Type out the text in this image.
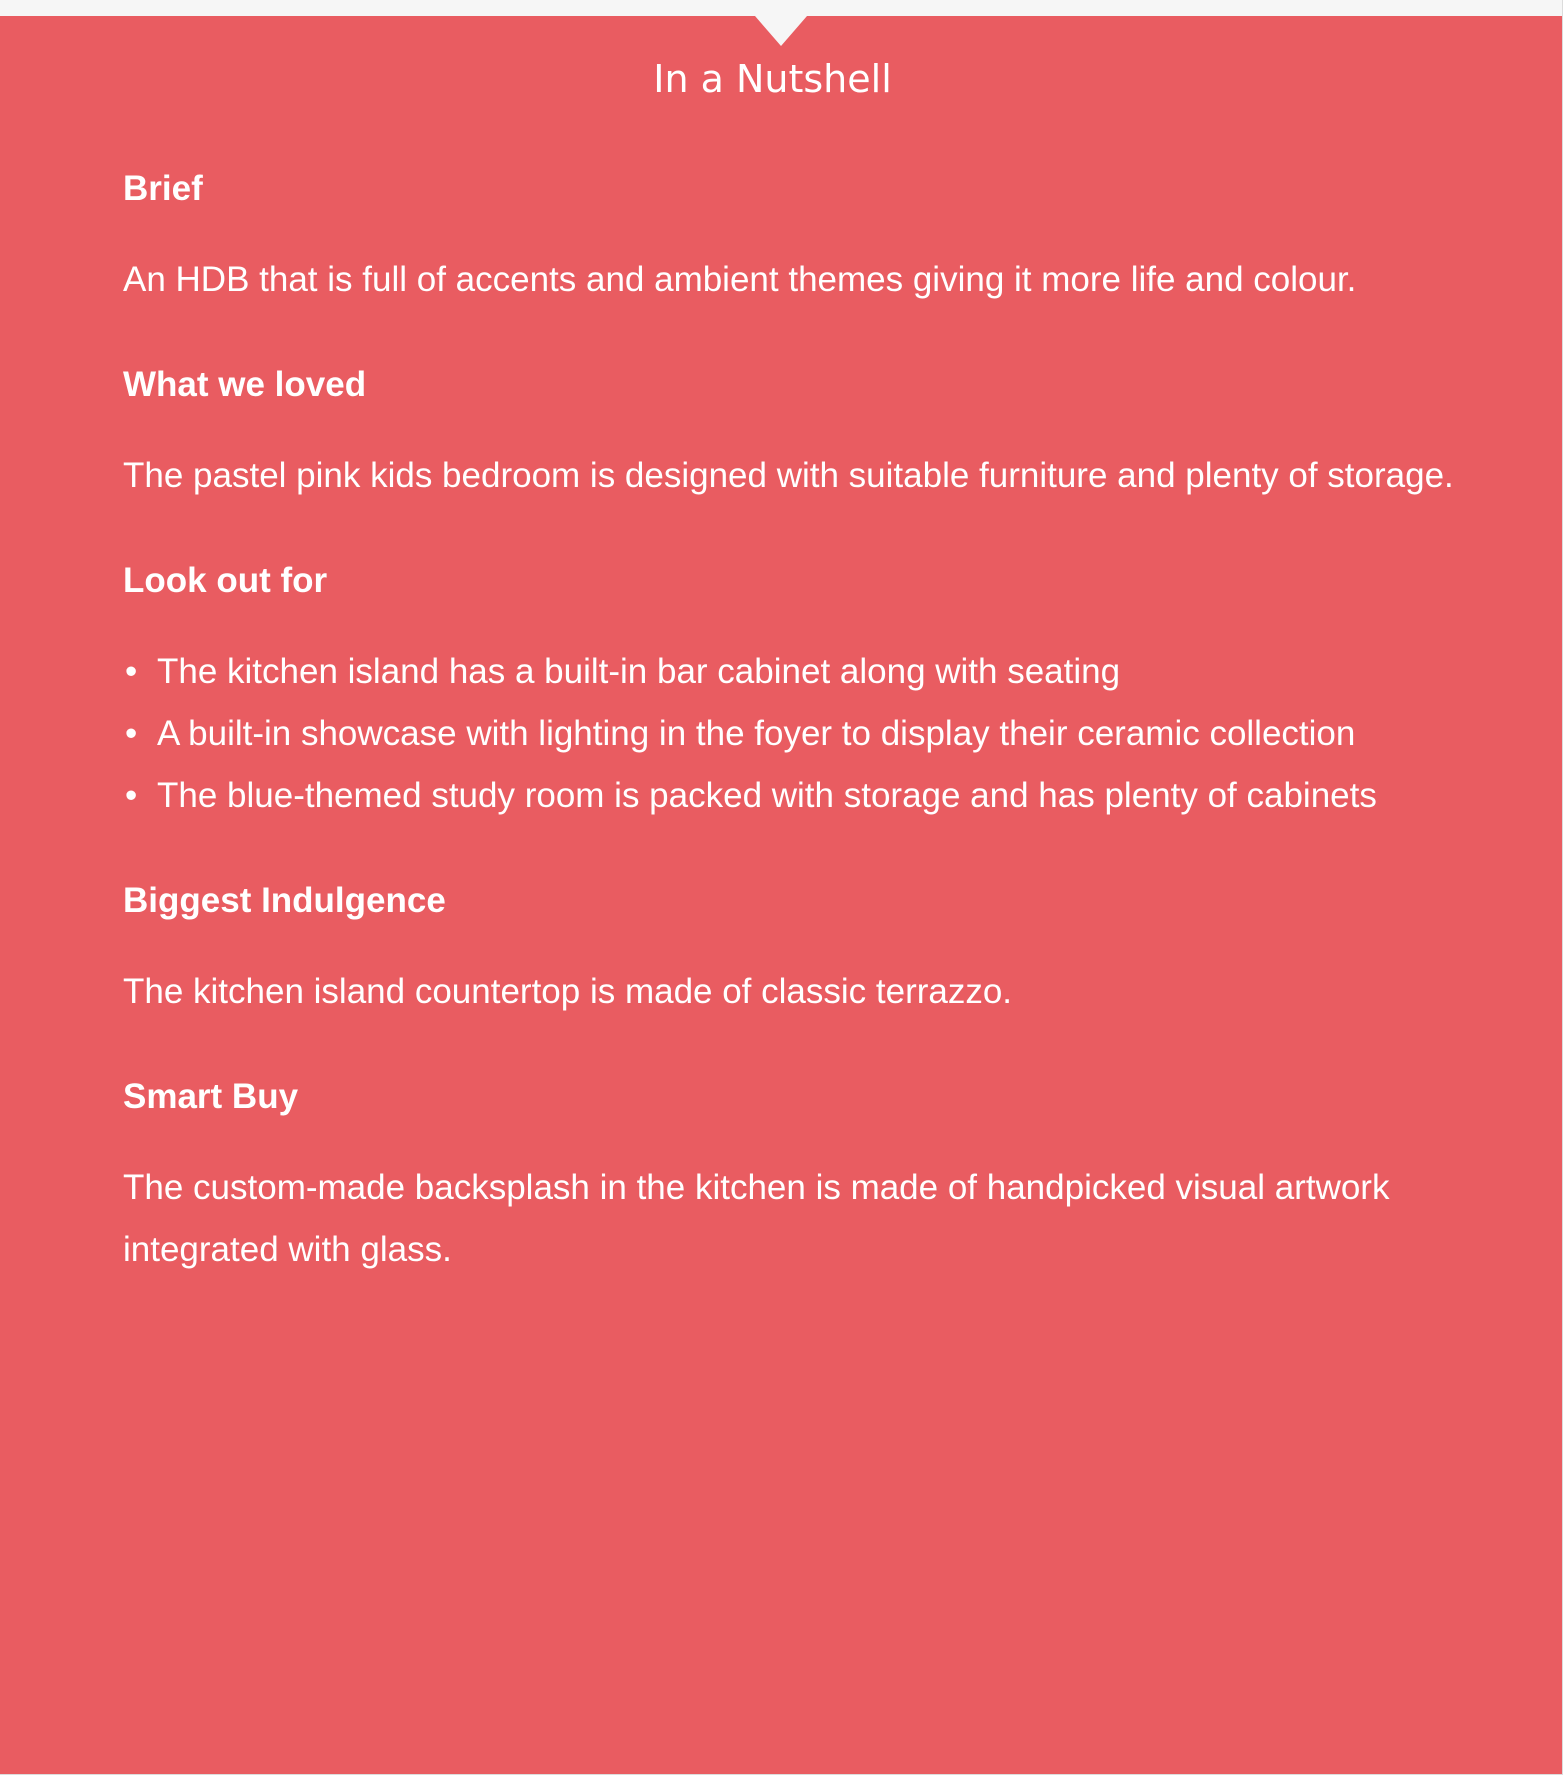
In a Nutshell
Brief

An HDB that is full of accents and ambient themes giving it more life and colour.

What we loved

The pastel pink kids bedroom is designed with suitable furniture and plenty of storage.

Look out for
• The kitchen island has a built-in bar cabinet along with seating
• A built-in showcase with lighting in the foyer to display their ceramic collection
• The blue-themed study room is packed with storage and has plenty of cabinets
Biggest Indulgence

The kitchen island countertop is made of classic terrazzo.

Smart Buy

The custom-made backsplash in the kitchen is made of handpicked visual artwork integrated with glass.
